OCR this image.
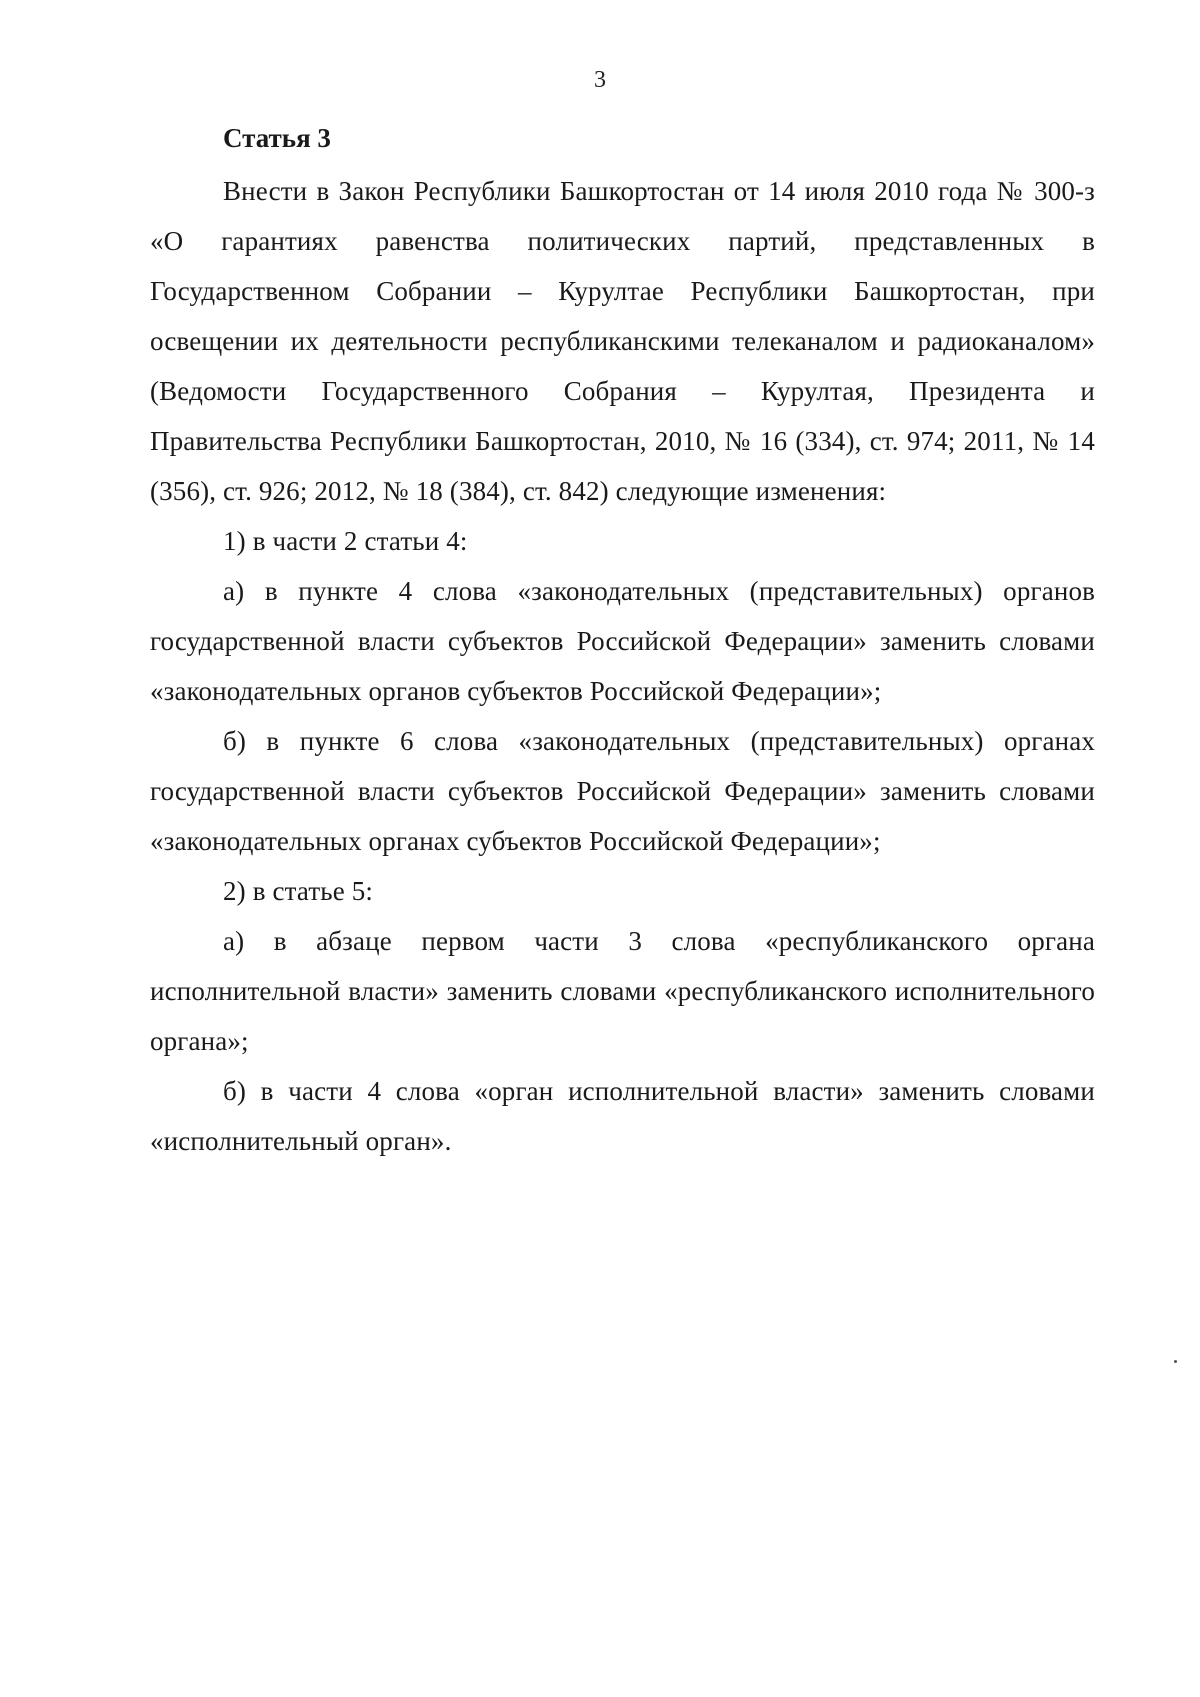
3

Статья 3

Внести в Закон Республики Башкортостан от 14 июля 2010 года № 300-з «О гарантиях равенства политических партий, представленных в Государственном Собрании – Курултае Республики Башкортостан, при освещении их деятельности республиканскими телеканалом и радиоканалом» (Ведомости Государственного Собрания – Курултая, Президента и Правительства Республики Башкортостан, 2010, № 16 (334), ст. 974; 2011, № 14 (356), ст. 926; 2012, № 18 (384), ст. 842) следующие изменения:

1) в части 2 статьи 4:

а) в пункте 4 слова «законодательных (представительных) органов государственной власти субъектов Российской Федерации» заменить словами «законодательных органов субъектов Российской Федерации»;

б) в пункте 6 слова «законодательных (представительных) органах государственной власти субъектов Российской Федерации» заменить словами «законодательных органах субъектов Российской Федерации»;

2) в статье 5:

а) в абзаце первом части 3 слова «республиканского органа исполнительной власти» заменить словами «республиканского исполнительного органа»;

б) в части 4 слова «орган исполнительной власти» заменить словами «исполнительный орган».
